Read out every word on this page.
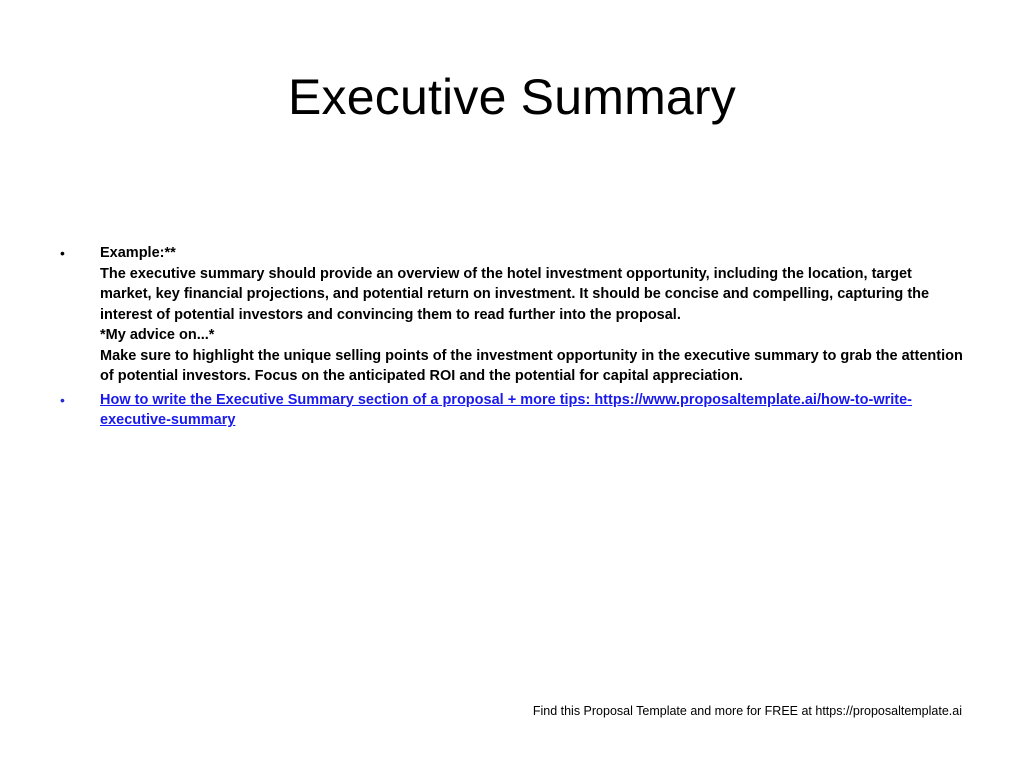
Executive Summary
•	Example:**
The executive summary should provide an overview of the hotel investment opportunity, including the location, target market, key financial projections, and potential return on investment. It should be concise and compelling, capturing the interest of potential investors and convincing them to read further into the proposal.
*My advice on...*
Make sure to highlight the unique selling points of the investment opportunity in the executive summary to grab the attention of potential investors. Focus on the anticipated ROI and the potential for capital appreciation.
•	How to write the Executive Summary section of a proposal + more tips: https://www.proposaltemplate.ai/how-to-write-executive-summary
Find this Proposal Template and more for FREE at https://proposaltemplate.ai
